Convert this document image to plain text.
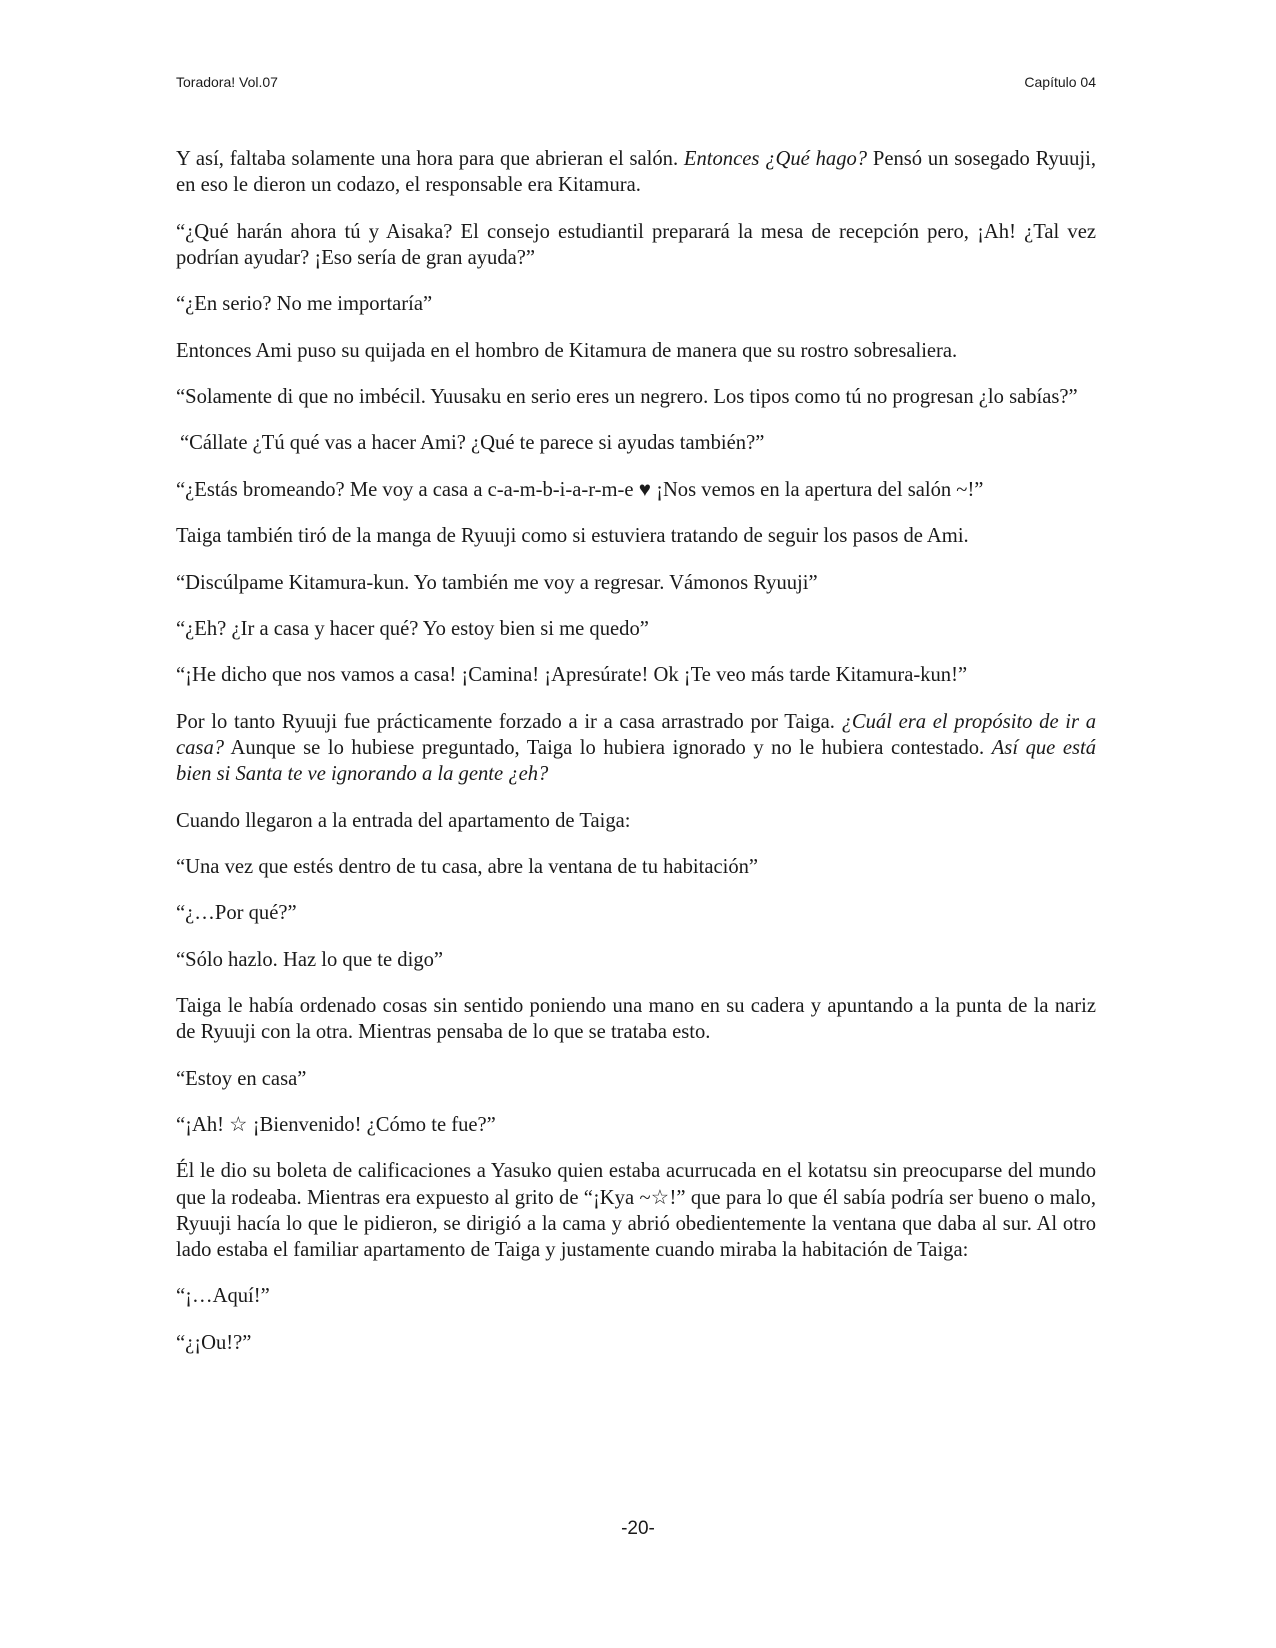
Toradora! Vol.07	Capítulo 04

Y así, faltaba solamente una hora para que abrieran el salón. Entonces ¿Qué hago? Pensó un sosegado Ryuuji, en eso le dieron un codazo, el responsable era Kitamura.

“¿Qué harán ahora tú y Aisaka? El consejo estudiantil preparará la mesa de recepción pero, ¡Ah! ¿Tal vez podrían ayudar? ¡Eso sería de gran ayuda?”

“¿En serio? No me importaría”

Entonces Ami puso su quijada en el hombro de Kitamura de manera que su rostro sobresaliera.

“Solamente di que no imbécil. Yuusaku en serio eres un negrero. Los tipos como tú no progresan ¿lo sabías?”

“Cállate ¿Tú qué vas a hacer Ami? ¿Qué te parece si ayudas también?”

“¿Estás bromeando? Me voy a casa a c-a-m-b-i-a-r-m-e ♥ ¡Nos vemos en la apertura del salón ~!”

Taiga también tiró de la manga de Ryuuji como si estuviera tratando de seguir los pasos de Ami.

“Discúlpame Kitamura-kun. Yo también me voy a regresar. Vámonos Ryuuji”

“¿Eh? ¿Ir a casa y hacer qué? Yo estoy bien si me quedo”

“¡He dicho que nos vamos a casa! ¡Camina! ¡Apresúrate! Ok ¡Te veo más tarde Kitamura-kun!”

Por lo tanto Ryuuji fue prácticamente forzado a ir a casa arrastrado por Taiga. ¿Cuál era el propósito de ir a casa? Aunque se lo hubiese preguntado, Taiga lo hubiera ignorado y no le hubiera contestado. Así que está bien si Santa te ve ignorando a la gente ¿eh?

Cuando llegaron a la entrada del apartamento de Taiga:

“Una vez que estés dentro de tu casa, abre la ventana de tu habitación”

“¿…Por qué?”

“Sólo hazlo. Haz lo que te digo”

Taiga le había ordenado cosas sin sentido poniendo una mano en su cadera y apuntando a la punta de la nariz de Ryuuji con la otra. Mientras pensaba de lo que se trataba esto.

“Estoy en casa”

“¡Ah! ☆ ¡Bienvenido! ¿Cómo te fue?”

Él le dio su boleta de calificaciones a Yasuko quien estaba acurrucada en el kotatsu sin preocuparse del mundo que la rodeaba. Mientras era expuesto al grito de “¡Kya ~☆!” que para lo que él sabía podría ser bueno o malo, Ryuuji hacía lo que le pidieron, se dirigió a la cama y abrió obedientemente la ventana que daba al sur. Al otro lado estaba el familiar apartamento de Taiga y justamente cuando miraba la habitación de Taiga:

“¡…Aquí!”

“¿¡Ou!?”

-20-
